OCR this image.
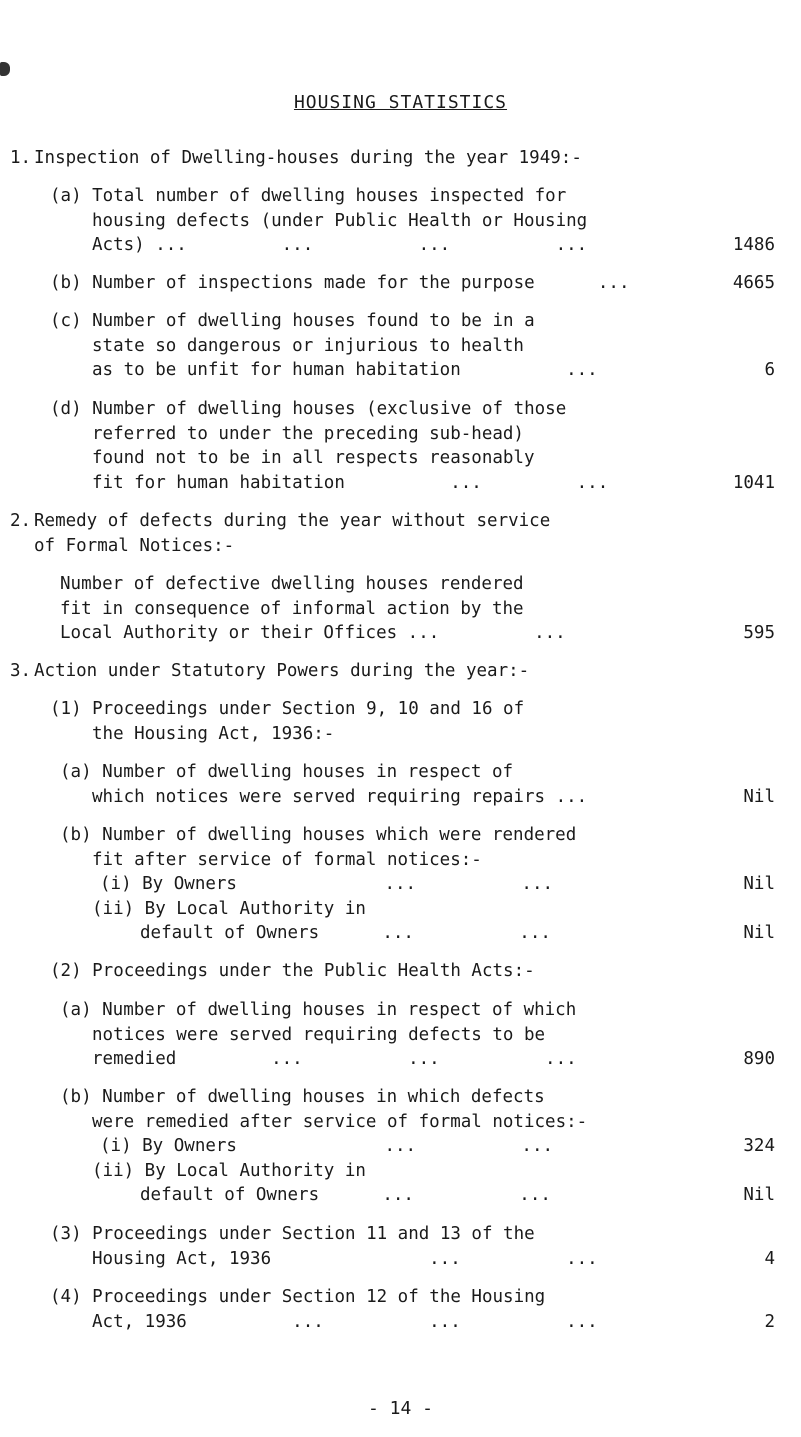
HOUSING STATISTICS
1. Inspection of Dwelling-houses during the year 1949:-
(a) Total number of dwelling houses inspected for
housing defects (under Public Health or Housing
Acts) ...         ...          ...          ...	1486
(b) Number of inspections made for the purpose      ...	4665
(c) Number of dwelling houses found to be in a
state so dangerous or injurious to health
as to be unfit for human habitation          ...	6
(d) Number of dwelling houses (exclusive of those
referred to under the preceding sub-head)
found not to be in all respects reasonably
fit for human habitation          ...         ...	1041
2. Remedy of defects during the year without service
of Formal Notices:-
Number of defective dwelling houses rendered
fit in consequence of informal action by the
Local Authority or their Offices ...         ...	595
3. Action under Statutory Powers during the year:-
(1) Proceedings under Section 9, 10 and 16 of
the Housing Act, 1936:-
(a) Number of dwelling houses in respect of
which notices were served requiring repairs ...	Nil
(b) Number of dwelling houses which were rendered
fit after service of formal notices:-
(i) By Owners              ...          ...	Nil
(ii) By Local Authority in
default of Owners      ...          ...	Nil
(2) Proceedings under the Public Health Acts:-
(a) Number of dwelling houses in respect of which
notices were served requiring defects to be
remedied         ...          ...          ...	890
(b) Number of dwelling houses in which defects
were remedied after service of formal notices:-
(i) By Owners              ...          ...	324
(ii) By Local Authority in
default of Owners      ...          ...	Nil
(3) Proceedings under Section 11 and 13 of the
Housing Act, 1936               ...          ...	4
(4) Proceedings under Section 12 of the Housing
Act, 1936          ...          ...          ...	2
- 14 -
